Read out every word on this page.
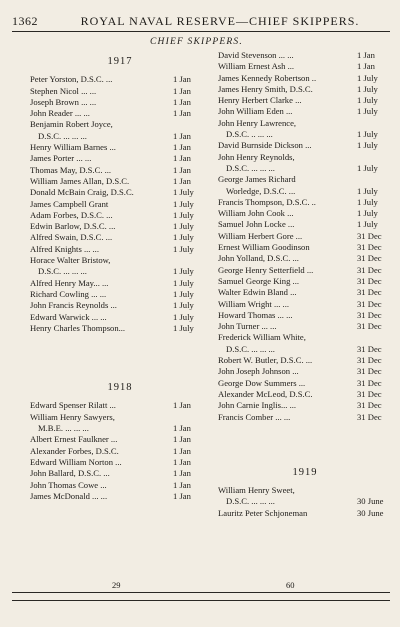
1362	ROYAL NAVAL RESERVE—CHIEF SKIPPERS.
CHIEF SKIPPERS.
1917
Peter Yorston, D.S.C. ...	1 Jan
Stephen Nicol ... ...	1 Jan
Joseph Brown ... ...	1 Jan
John Reader ... ...	1 Jan
Benjamin Robert Joyce,
D.S.C. ... ... ...	1 Jan
Henry William Barnes ...	1 Jan
James Porter ... ...	1 Jan
Thomas May, D.S.C. ...	1 Jan
William James Allan, D.S.C.	1 Jan
Donald McBain Craig, D.S.C.	1 July
James Campbell Grant	1 July
Adam Forbes, D.S.C. ...	1 July
Edwin Barlow, D.S.C. ...	1 July
Alfred Swain, D.S.C. ...	1 July
Alfred Knights ... ...	1 July
Horace Walter Bristow,
D.S.C. ... ... ...	1 July
Alfred Henry May... ...	1 July
Richard Cowling ... ...	1 July
John Francis Reynolds ...	1 July
Edward Warwick ... ...	1 July
Henry Charles Thompson...	1 July
1918
Edward Spenser Rilatt ...	1 Jan
William Henry Sawyers,
M.B.E. ... ... ...	1 Jan
Albert Ernest Faulkner ...	1 Jan
Alexander Forbes, D.S.C.	1 Jan
Edward William Norton ...	1 Jan
John Ballard, D.S.C. ...	1 Jan
John Thomas Cowe ...	1 Jan
James McDonald ... ...	1 Jan
David Stevenson ... ...	1 Jan
William Ernest Ash ...	1 Jan
James Kennedy Robertson ..	1 July
James Henry Smith, D.S.C.	1 July
Henry Herbert Clarke ...	1 July
John William Eden ...	1 July
John Henry Lawrence,
D.S.C. .. ... ...	1 July
David Burnside Dickson ...	1 July
John Henry Reynolds,
D.S.C. ... ... ...	1 July
George James Richard
Worledge, D.S.C. ...	1 July
Francis Thompson, D.S.C. ..	1 July
William John Cook ...	1 July
Samuel John Locke ...	1 July
William Herbert Gore ...	31 Dec
Ernest William Goodinson	31 Dec
John Yolland, D.S.C. ...	31 Dec
George Henry Setterfield ...	31 Dec
Samuel George King ...	31 Dec
Walter Edwin Bland ...	31 Dec
William Wright ... ...	31 Dec
Howard Thomas ... ...	31 Dec
John Turner ... ...	31 Dec
Frederick William White,
D.S.C. ... ... ...	31 Dec
Robert W. Butler, D.S.C. ...	31 Dec
John Joseph Johnson ...	31 Dec
George Dow Summers ...	31 Dec
Alexander McLeod, D.S.C.	31 Dec
John Carnie Inglis... ...	31 Dec
Francis Comber ... ...	31 Dec
1919
William Henry Sweet,
D.S.C. ... ... ...	30 June
Lauritz Peter Schjoneman	30 June
29	60
